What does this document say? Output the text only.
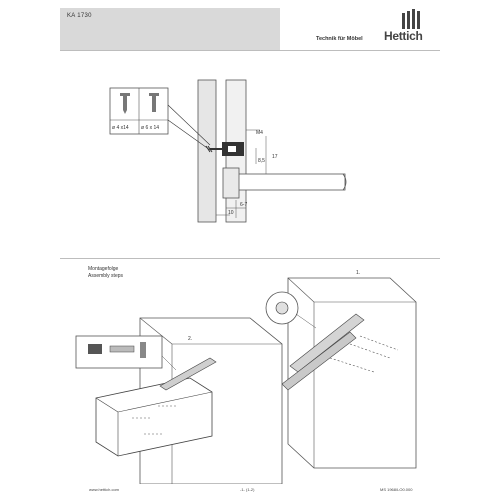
KA 1730
Technik für Möbel Hettich
ø 4 x14 ø 6 x 14
M4
17
8,5
6-7
10
Montagefolge
Assembly steps	1.
2.
www.hettich.com	-1- (1-2)	MS 1968/LO0.000
